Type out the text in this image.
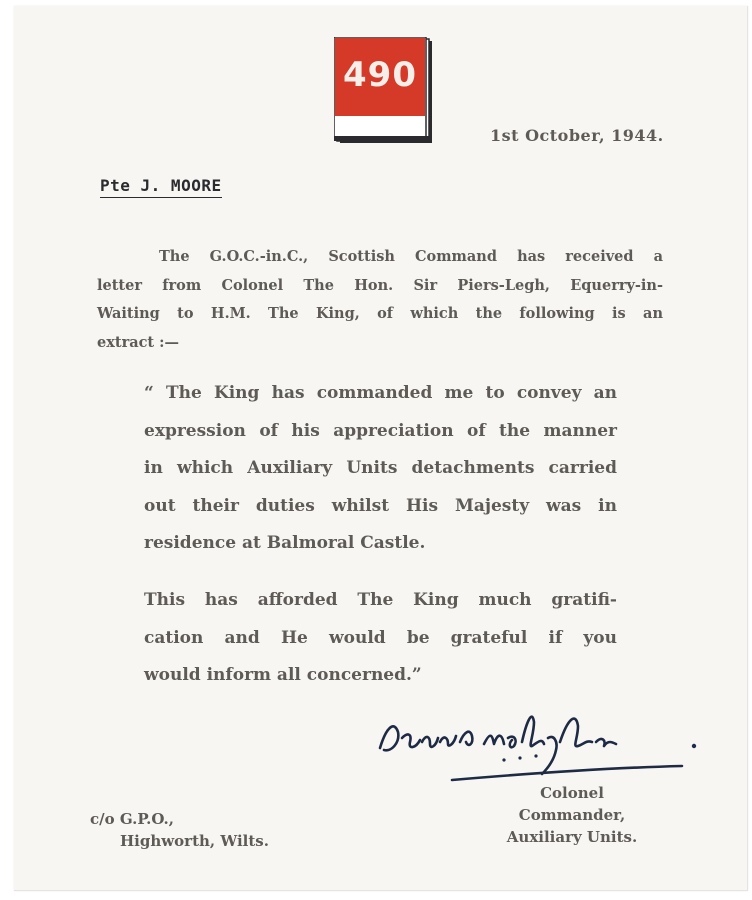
490
1st October, 1944.
Pte J. MOORE
The G.O.C.-in.C., Scottish Command has received a
letter from Colonel The Hon. Sir Piers-Legh, Equerry-in-
Waiting to H.M. The King, of which the following is an
extract :—
“ The King has commanded me to convey an
expression of his appreciation of the manner
in which Auxiliary Units detachments carried
out their duties whilst His Majesty was in
residence at Balmoral Castle.
This has afforded The King much gratifi-
cation and He would be grateful if you
would inform all concerned.”
c/o G.P.O.,
Highworth, Wilts.
Colonel
Commander,
Auxiliary Units.
